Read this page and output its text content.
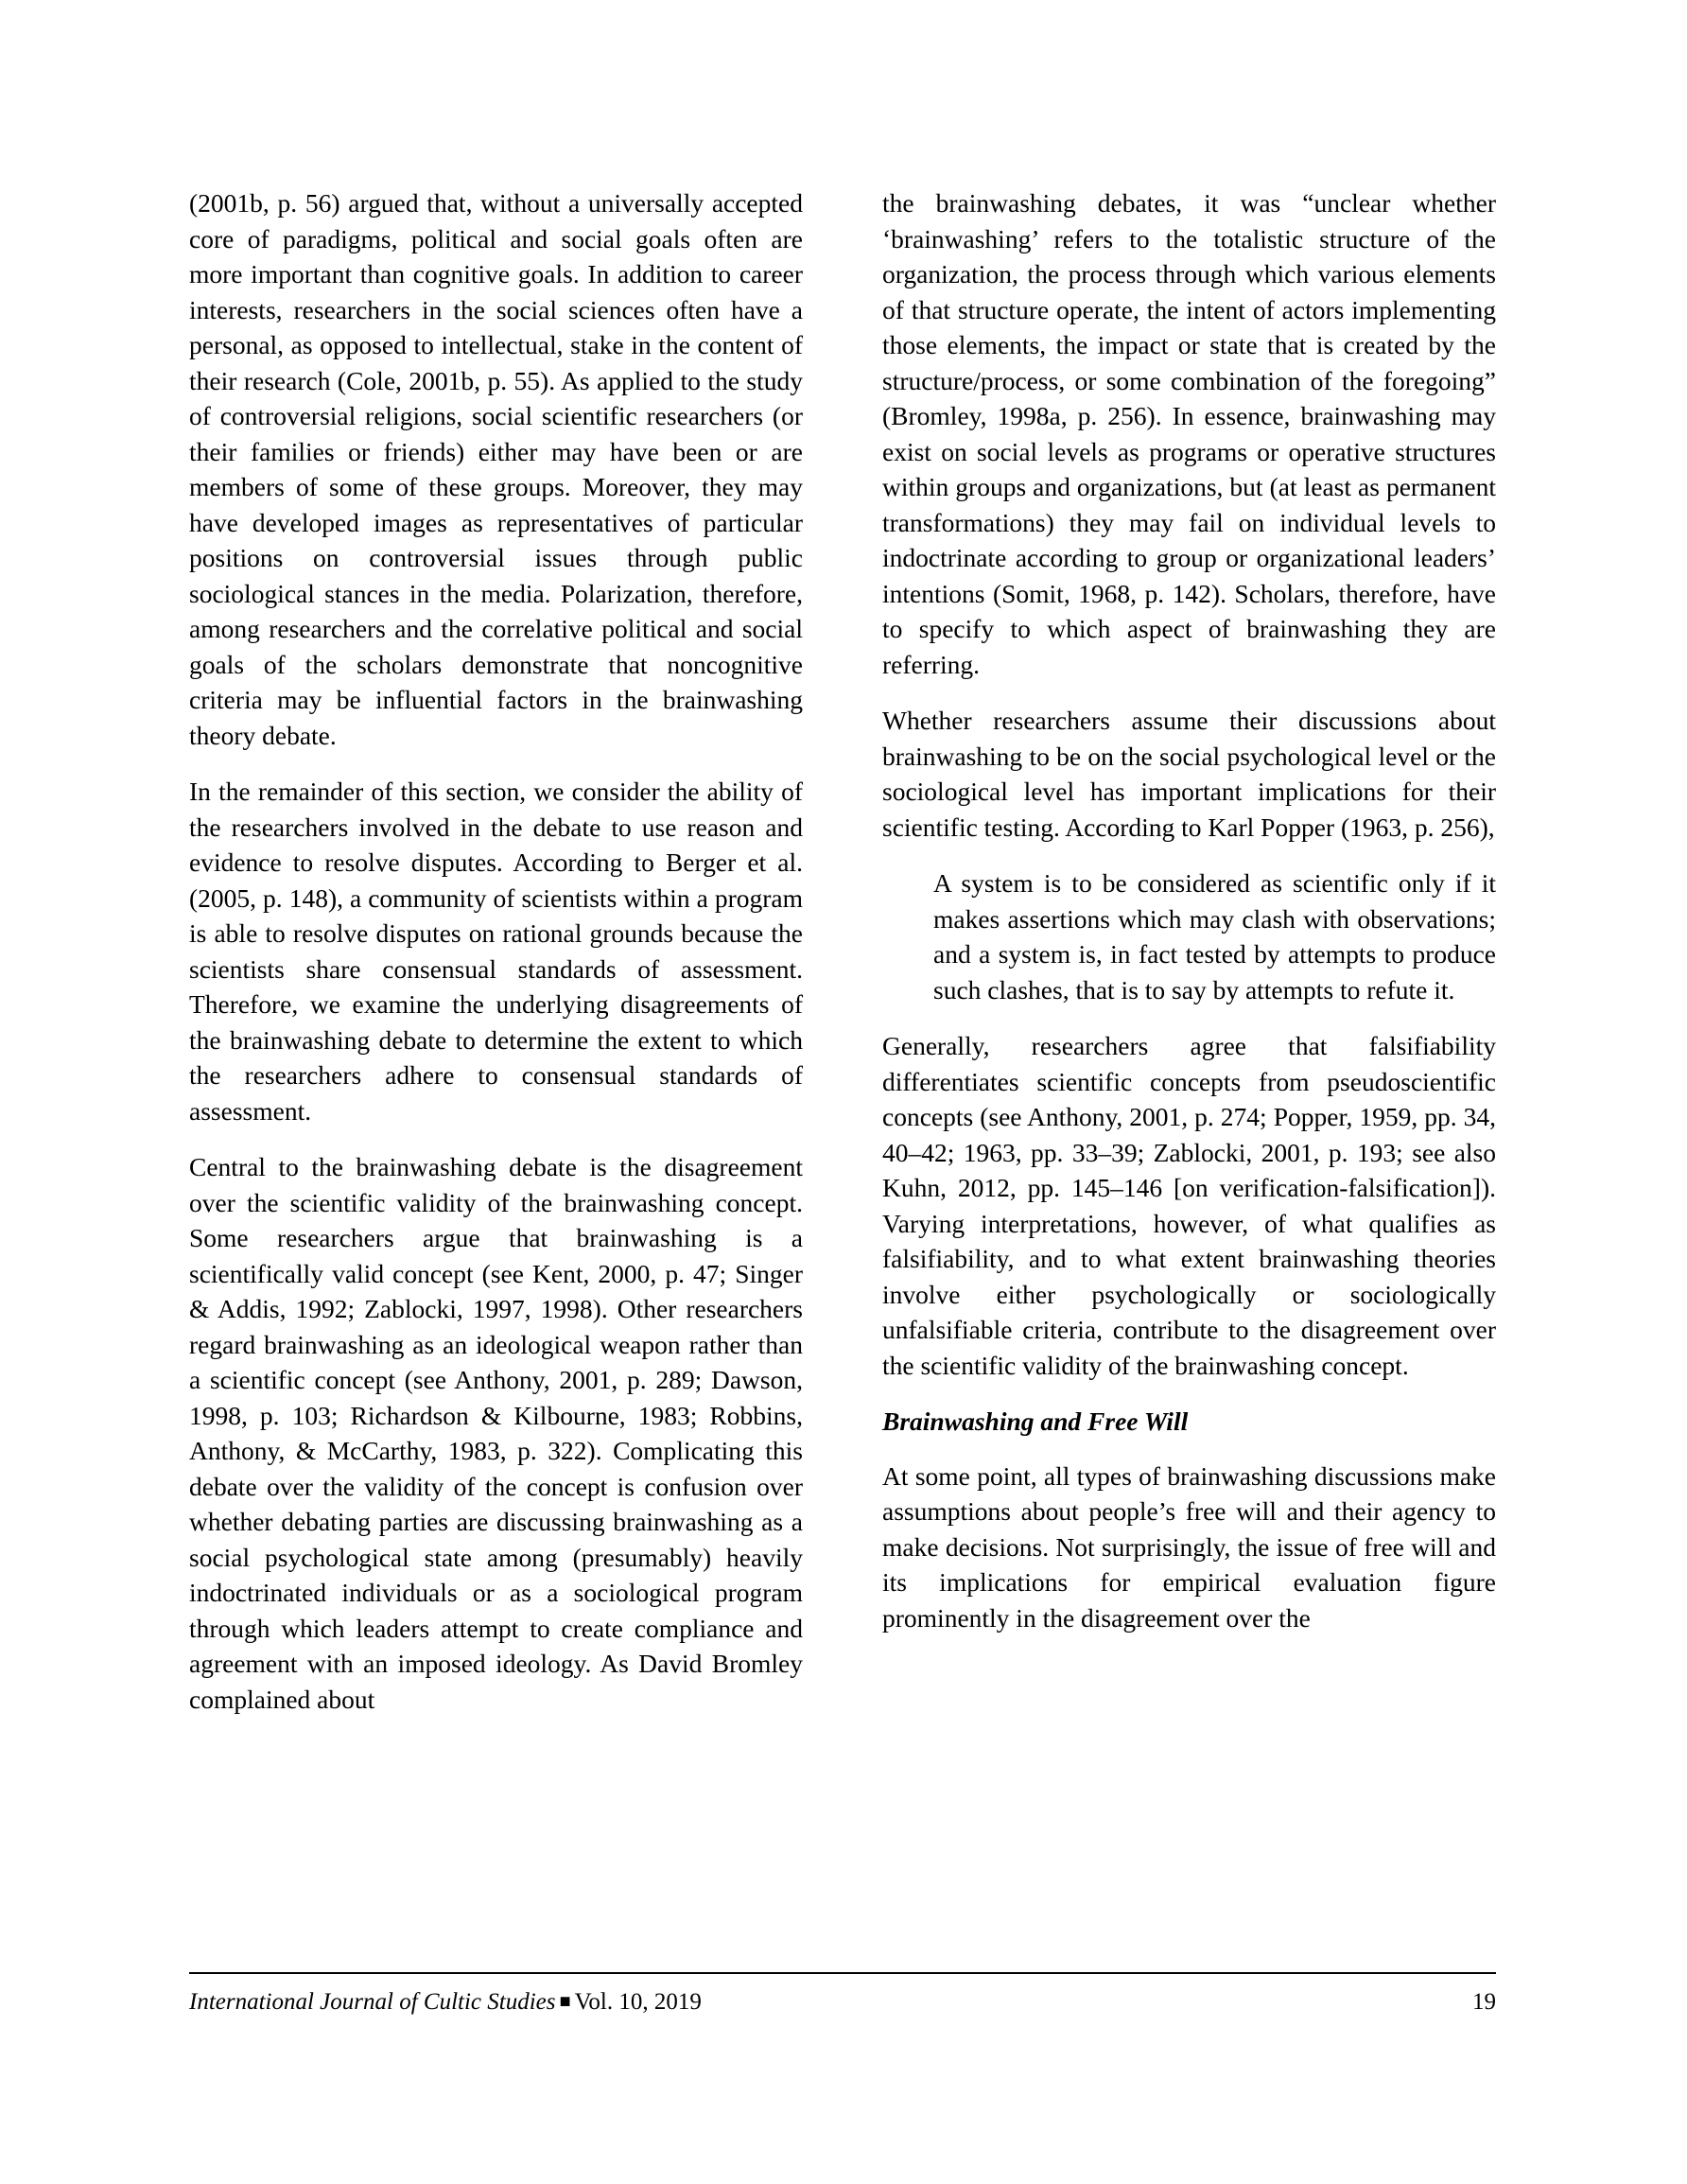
(2001b, p. 56) argued that, without a universally accepted core of paradigms, political and social goals often are more important than cognitive goals. In addition to career interests, researchers in the social sciences often have a personal, as opposed to intellectual, stake in the content of their research (Cole, 2001b, p. 55). As applied to the study of controversial religions, social scientific researchers (or their families or friends) either may have been or are members of some of these groups. Moreover, they may have developed images as representatives of particular positions on controversial issues through public sociological stances in the media. Polarization, therefore, among researchers and the correlative political and social goals of the scholars demonstrate that noncognitive criteria may be influential factors in the brainwashing theory debate.

In the remainder of this section, we consider the ability of the researchers involved in the debate to use reason and evidence to resolve disputes. According to Berger et al. (2005, p. 148), a community of scientists within a program is able to resolve disputes on rational grounds because the scientists share consensual standards of assessment. Therefore, we examine the underlying disagreements of the brainwashing debate to determine the extent to which the researchers adhere to consensual standards of assessment.

Central to the brainwashing debate is the disagreement over the scientific validity of the brainwashing concept. Some researchers argue that brainwashing is a scientifically valid concept (see Kent, 2000, p. 47; Singer & Addis, 1992; Zablocki, 1997, 1998). Other researchers regard brainwashing as an ideological weapon rather than a scientific concept (see Anthony, 2001, p. 289; Dawson, 1998, p. 103; Richardson & Kilbourne, 1983; Robbins, Anthony, & McCarthy, 1983, p. 322). Complicating this debate over the validity of the concept is confusion over whether debating parties are discussing brainwashing as a social psychological state among (presumably) heavily indoctrinated individuals or as a sociological program through which leaders attempt to create compliance and agreement with an imposed ideology. As David Bromley complained about

the brainwashing debates, it was “unclear whether ‘brainwashing’ refers to the totalistic structure of the organization, the process through which various elements of that structure operate, the intent of actors implementing those elements, the impact or state that is created by the structure/process, or some combination of the foregoing” (Bromley, 1998a, p. 256). In essence, brainwashing may exist on social levels as programs or operative structures within groups and organizations, but (at least as permanent transformations) they may fail on individual levels to indoctrinate according to group or organizational leaders’ intentions (Somit, 1968, p. 142). Scholars, therefore, have to specify to which aspect of brainwashing they are referring.

Whether researchers assume their discussions about brainwashing to be on the social psychological level or the sociological level has important implications for their scientific testing. According to Karl Popper (1963, p. 256),

A system is to be considered as scientific only if it makes assertions which may clash with observations; and a system is, in fact tested by attempts to produce such clashes, that is to say by attempts to refute it.

Generally, researchers agree that falsifiability differentiates scientific concepts from pseudoscientific concepts (see Anthony, 2001, p. 274; Popper, 1959, pp. 34, 40–42; 1963, pp. 33–39; Zablocki, 2001, p. 193; see also Kuhn, 2012, pp. 145–146 [on verification-falsification]). Varying interpretations, however, of what qualifies as falsifiability, and to what extent brainwashing theories involve either psychologically or sociologically unfalsifiable criteria, contribute to the disagreement over the scientific validity of the brainwashing concept.

Brainwashing and Free Will

At some point, all types of brainwashing discussions make assumptions about people’s free will and their agency to make decisions. Not surprisingly, the issue of free will and its implications for empirical evaluation figure prominently in the disagreement over the

International Journal of Cultic Studies ■ Vol. 10, 2019	19
